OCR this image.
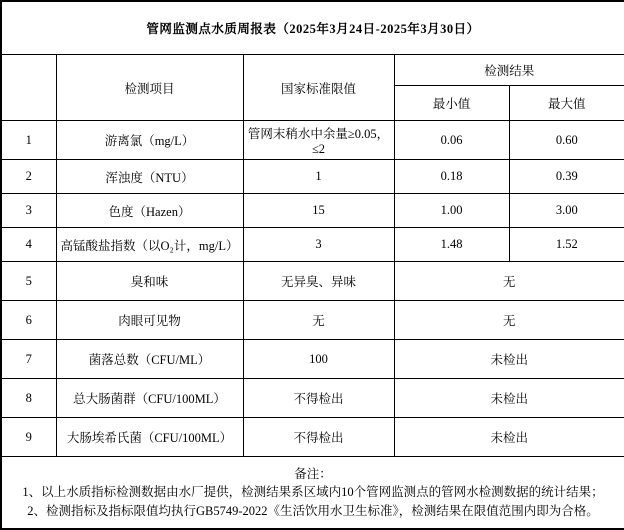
管网监测点水质周报表（2025年3月24日-2025年3月30日）				
	检测项目	国家标准限值	检测结果	
			最小值	最大值
1	游离氯（mg/L）	管网末稍水中余量≥0.05，≤2	0.06	0.60
2	浑浊度（NTU）	1	0.18	0.39
3	色度（Hazen）	15	1.00	3.00
4	高锰酸盐指数（以O₂计，mg/L）	3	1.48	1.52
5	臭和味	无异臭、异味	无	
6	肉眼可见物	无	无	
7	菌落总数（CFU/ML）	100	未检出	
8	总大肠菌群（CFU/100ML）	不得检出	未检出	
9	大肠埃希氏菌（CFU/100ML）	不得检出	未检出	

备注：
1、以上水质指标检测数据由水厂提供，检测结果系区域内10个管网监测点的管网水检测数据的统计结果；
2、检测指标及指标限值均执行GB5749-2022《生活饮用水卫生标准》，检测结果在限值范围内即为合格。				
